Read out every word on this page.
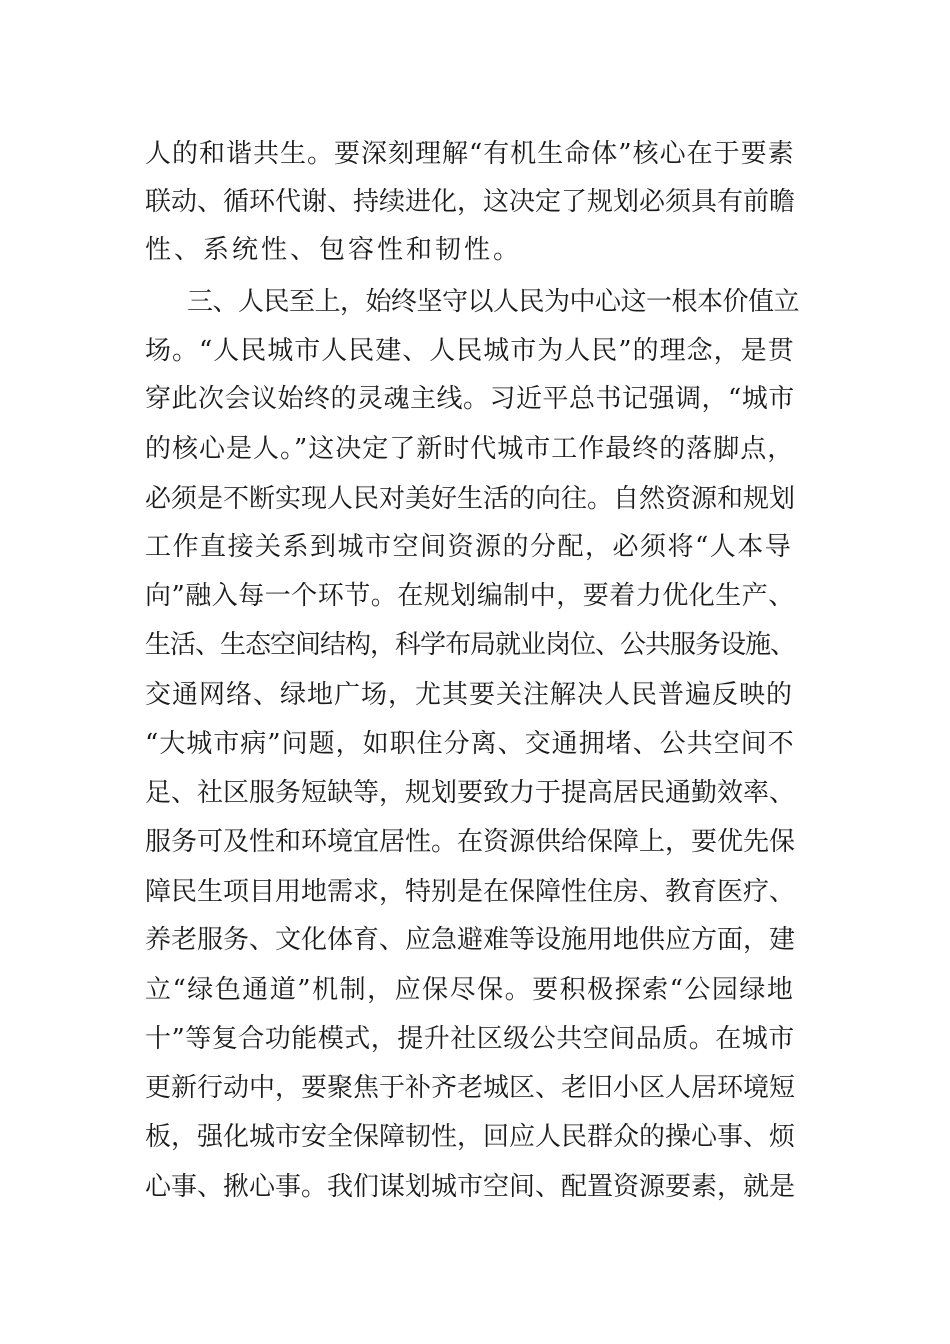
人的和谐共生。要深刻理解“有机生命体”核心在于要素
联动、循环代谢、持续进化，这决定了规划必须具有前瞻
性、系统性、包容性和韧性。
三、人民至上，始终坚守以人民为中心这一根本价值立
场。“人民城市人民建、人民城市为人民”的理念，是贯
穿此次会议始终的灵魂主线。习近平总书记强调，“城市
的核心是人。”这决定了新时代城市工作最终的落脚点，
必须是不断实现人民对美好生活的向往。自然资源和规划
工作直接关系到城市空间资源的分配，必须将“人本导
向”融入每一个环节。在规划编制中，要着力优化生产、
生活、生态空间结构，科学布局就业岗位、公共服务设施、
交通网络、绿地广场，尤其要关注解决人民普遍反映的
“大城市病”问题，如职住分离、交通拥堵、公共空间不
足、社区服务短缺等，规划要致力于提高居民通勤效率、
服务可及性和环境宜居性。在资源供给保障上，要优先保
障民生项目用地需求，特别是在保障性住房、教育医疗、
养老服务、文化体育、应急避难等设施用地供应方面，建
立“绿色通道”机制，应保尽保。要积极探索“公园绿地
十”等复合功能模式，提升社区级公共空间品质。在城市
更新行动中，要聚焦于补齐老城区、老旧小区人居环境短
板，强化城市安全保障韧性，回应人民群众的操心事、烦
心事、揪心事。我们谋划城市空间、配置资源要素，就是
